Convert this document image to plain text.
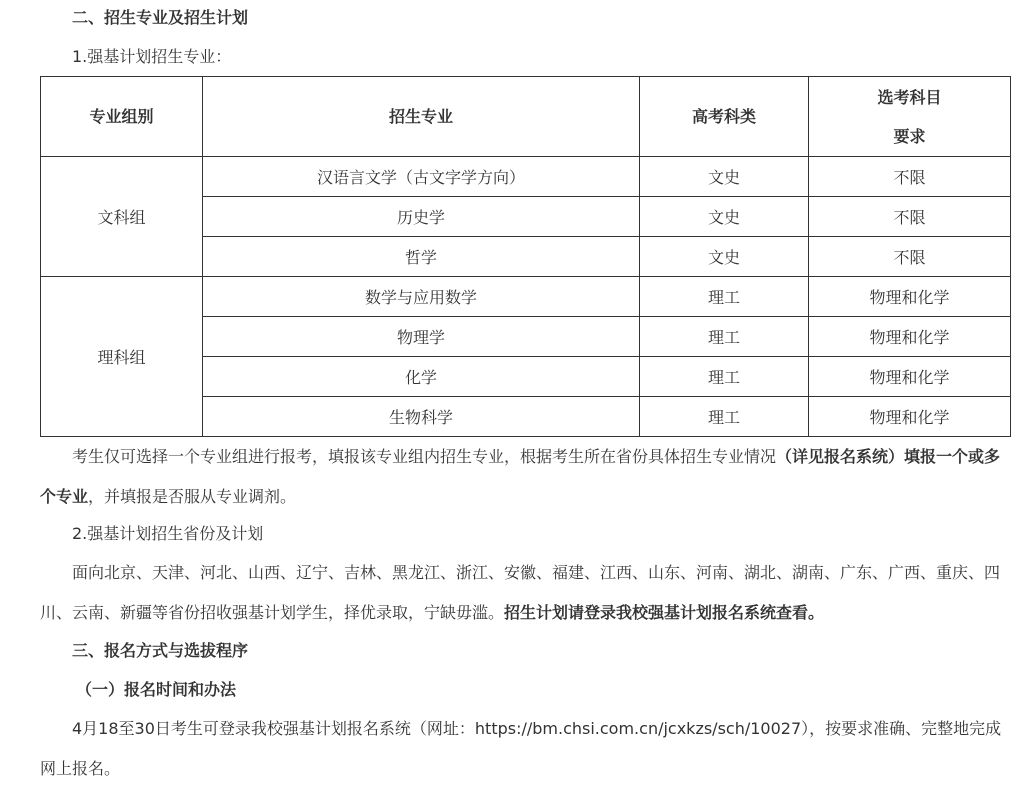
二、招生专业及招生计划
1.强基计划招生专业：
专业组别	招生专业	高考科类	选考科目
要求
文科组	汉语言文学（古文字学方向）	文史	不限
	历史学	文史	不限
	哲学	文史	不限
理科组	数学与应用数学	理工	物理和化学
	物理学	理工	物理和化学
	化学	理工	物理和化学
	生物科学	理工	物理和化学
考生仅可选择一个专业组进行报考，填报该专业组内招生专业，根据考生所在省份具体招生专业情况（详见报名系统）填报一个或多个专业，并填报是否服从专业调剂。
2.强基计划招生省份及计划
面向北京、天津、河北、山西、辽宁、吉林、黑龙江、浙江、安徽、福建、江西、山东、河南、湖北、湖南、广东、广西、重庆、四川、云南、新疆等省份招收强基计划学生，择优录取，宁缺毋滥。招生计划请登录我校强基计划报名系统查看。
三、报名方式与选拔程序
（一）报名时间和办法
4月18至30日考生可登录我校强基计划报名系统（网址：https://bm.chsi.com.cn/jcxkzs/sch/10027），按要求准确、完整地完成网上报名。
